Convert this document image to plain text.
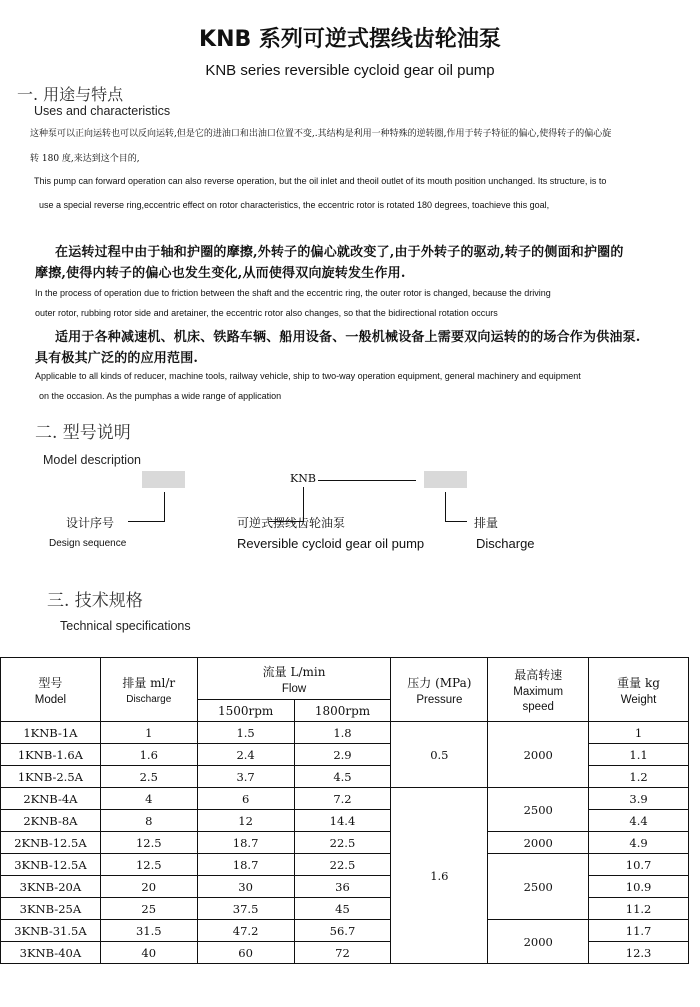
KNB 系列可逆式摆线齿轮油泵
KNB series reversible cycloid gear oil pump
一. 用途与特点
Uses and characteristics
这种泵可以正向运转也可以反向运转,但是它的进油口和出油口位置不变,.其结构是利用一种特殊的逆转圈,作用于转子特征的偏心,使得转子的偏心旋
转 180 度,来达到这个目的,
This pump can forward operation can also reverse operation, but the oil inlet and theoil outlet of its mouth position unchanged. Its structure, is to
use a special reverse ring,eccentric effect on rotor characteristics, the eccentric rotor is rotated 180 degrees, toachieve this goal,
在运转过程中由于轴和护圈的摩擦,外转子的偏心就改变了,由于外转子的驱动,转子的侧面和护圈的
摩擦,使得内转子的偏心也发生变化,从而使得双向旋转发生作用.
In the process of operation due to friction between the shaft and the eccentric ring, the outer rotor is changed, because the driving
outer rotor, rubbing rotor side and aretainer, the eccentric rotor also changes, so that the bidirectional rotation occurs
适用于各种减速机、机床、铁路车辆、船用设备、一般机械设备上需要双向运转的的场合作为供油泵.
具有极其广泛的的应用范围.
Applicable to all kinds of reducer, machine tools, railway vehicle, ship to two-way operation equipment, general machinery and equipment
on the occasion. As the pumphas a wide range of application
二. 型号说明
Model description
KNB
设计序号
Design sequence
可逆式摆线齿轮油泵
Reversible cycloid gear oil pump
排量
Discharge
三. 技术规格
Technical specifications
型号
Model	排量 ml/r
Discharge	流量 L/min
Flow		压力 (MPa)
Pressure	最高转速
Maximum
speed	重量 kg
Weight

		1500rpm	1800rpm			
1KNB-1A	1	1.5	1.8	0.5	2000	1
1KNB-1.6A	1.6	2.4	2.9			1.1
1KNB-2.5A	2.5	3.7	4.5			1.2
2KNB-4A	4	6	7.2	1.6	2500	3.9
2KNB-8A	8	12	14.4			4.4
2KNB-12.5A	12.5	18.7	22.5		2000	4.9
3KNB-12.5A	12.5	18.7	22.5		2500	10.7
3KNB-20A	20	30	36			10.9
3KNB-25A	25	37.5	45			11.2
3KNB-31.5A	31.5	47.2	56.7		2000	11.7
3KNB-40A	40	60	72			12.3
